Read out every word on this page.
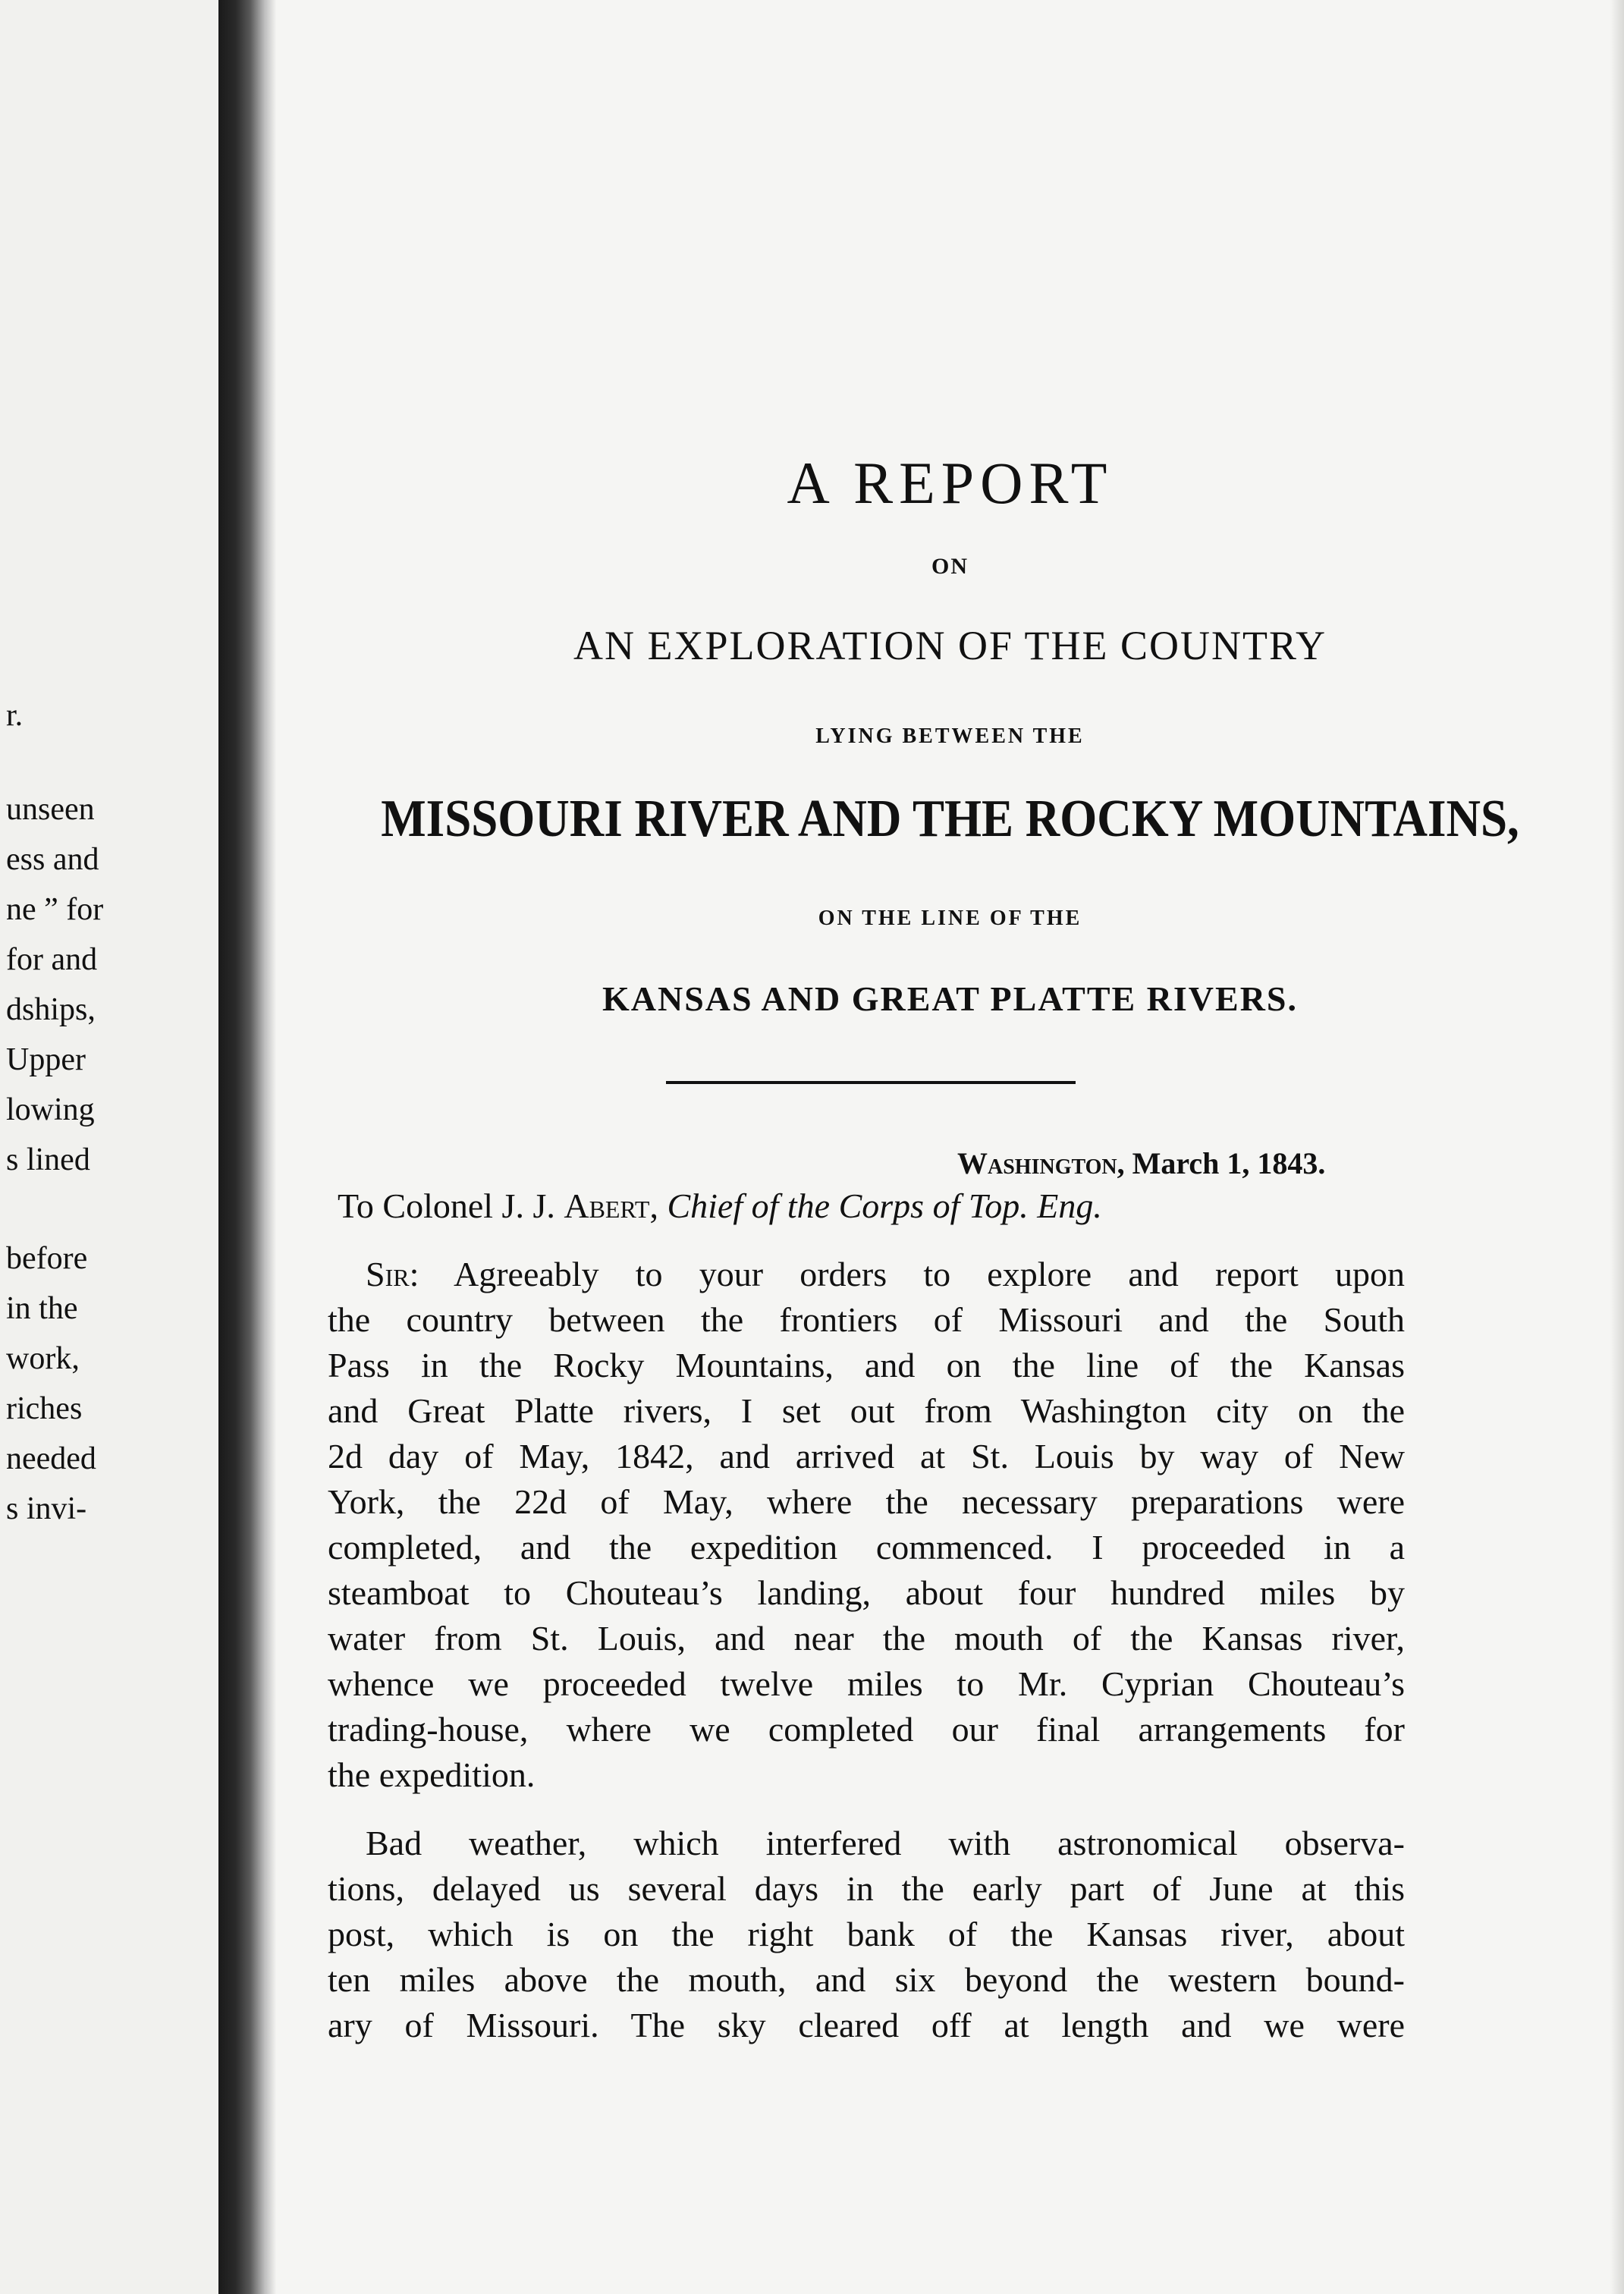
r.
unseen
ess and
ne ” for
for and
dships,
Upper
lowing
s lined
before
in the
work,
riches
needed
s invi-
A REPORT
ON
AN EXPLORATION OF THE COUNTRY
LYING BETWEEN THE
MISSOURI RIVER AND THE ROCKY MOUNTAINS,
ON THE LINE OF THE
KANSAS AND GREAT PLATTE RIVERS.
Washington, March 1, 1843.
To Colonel J. J. Abert, Chief of the Corps of Top. Eng.
Sir: Agreeably to your orders to explore and report upon
the country between the frontiers of Missouri and the South
Pass in the Rocky Mountains, and on the line of the Kansas
and Great Platte rivers, I set out from Washington city on the
2d day of May, 1842, and arrived at St. Louis by way of New
York, the 22d of May, where the necessary preparations were
completed, and the expedition commenced. I proceeded in a
steamboat to Chouteau’s landing, about four hundred miles by
water from St. Louis, and near the mouth of the Kansas river,
whence we proceeded twelve miles to Mr. Cyprian Chouteau’s
trading-house, where we completed our final arrangements for
the expedition.
Bad weather, which interfered with astronomical observa-
tions, delayed us several days in the early part of June at this
post, which is on the right bank of the Kansas river, about
ten miles above the mouth, and six beyond the western bound-
ary of Missouri. The sky cleared off at length and we were
